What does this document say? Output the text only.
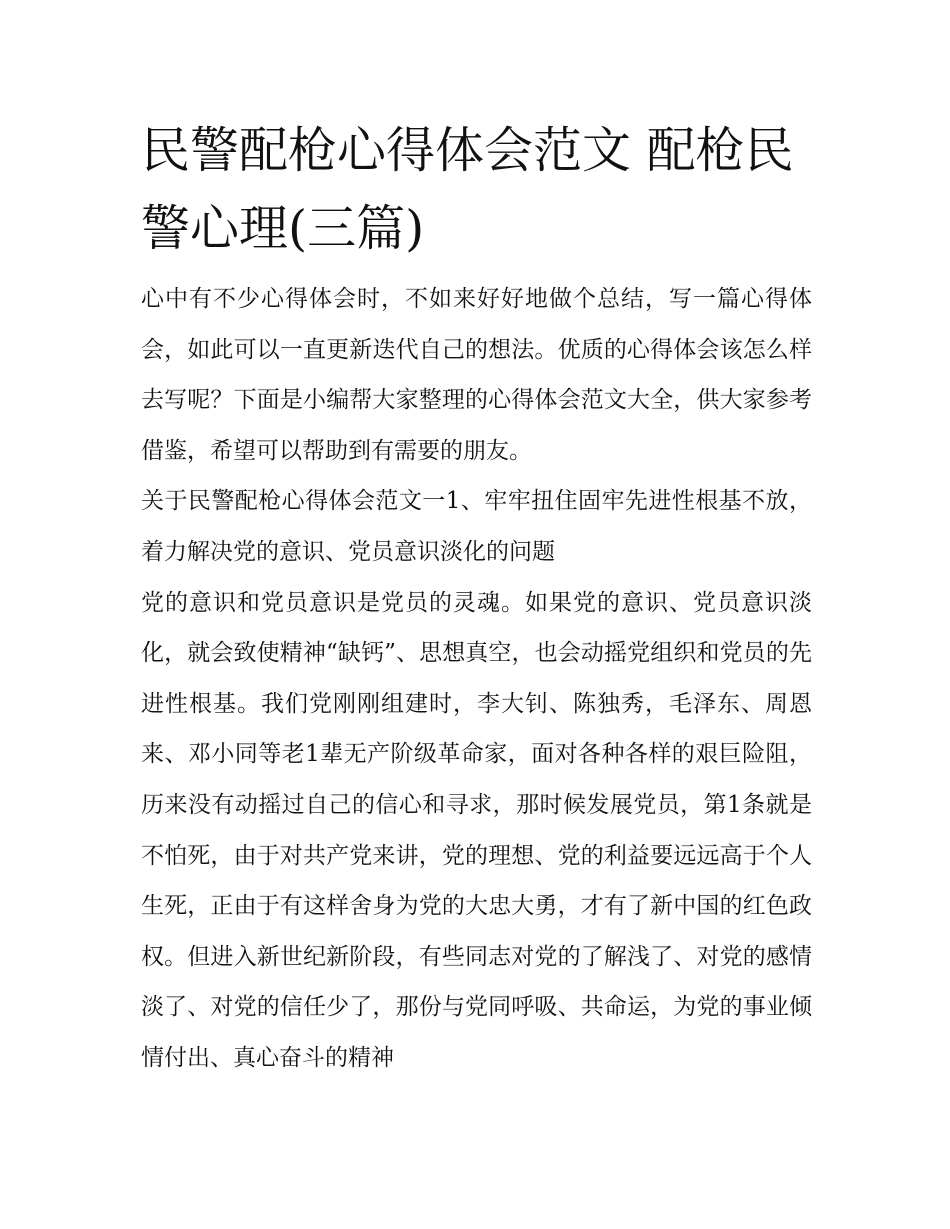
民警配枪心得体会范文 配枪民警心理(三篇)

心中有不少心得体会时，不如来好好地做个总结，写一篇心得体会，如此可以一直更新迭代自己的想法。优质的心得体会该怎么样去写呢？下面是小编帮大家整理的心得体会范文大全，供大家参考借鉴，希望可以帮助到有需要的朋友。

关于民警配枪心得体会范文一1、牢牢扭住固牢先进性根基不放，着力解决党的意识、党员意识淡化的问题

党的意识和党员意识是党员的灵魂。如果党的意识、党员意识淡化，就会致使精神“缺钙”、思想真空，也会动摇党组织和党员的先进性根基。我们党刚刚组建时，李大钊、陈独秀，毛泽东、周恩来、邓小同等老1辈无产阶级革命家，面对各种各样的艰巨险阻，历来没有动摇过自己的信心和寻求，那时候发展党员，第1条就是不怕死，由于对共产党来讲，党的理想、党的利益要远远高于个人生死，正由于有这样舍身为党的大忠大勇，才有了新中国的红色政权。但进入新世纪新阶段，有些同志对党的了解浅了、对党的感情淡了、对党的信任少了，那份与党同呼吸、共命运，为党的事业倾情付出、真心奋斗的精神
